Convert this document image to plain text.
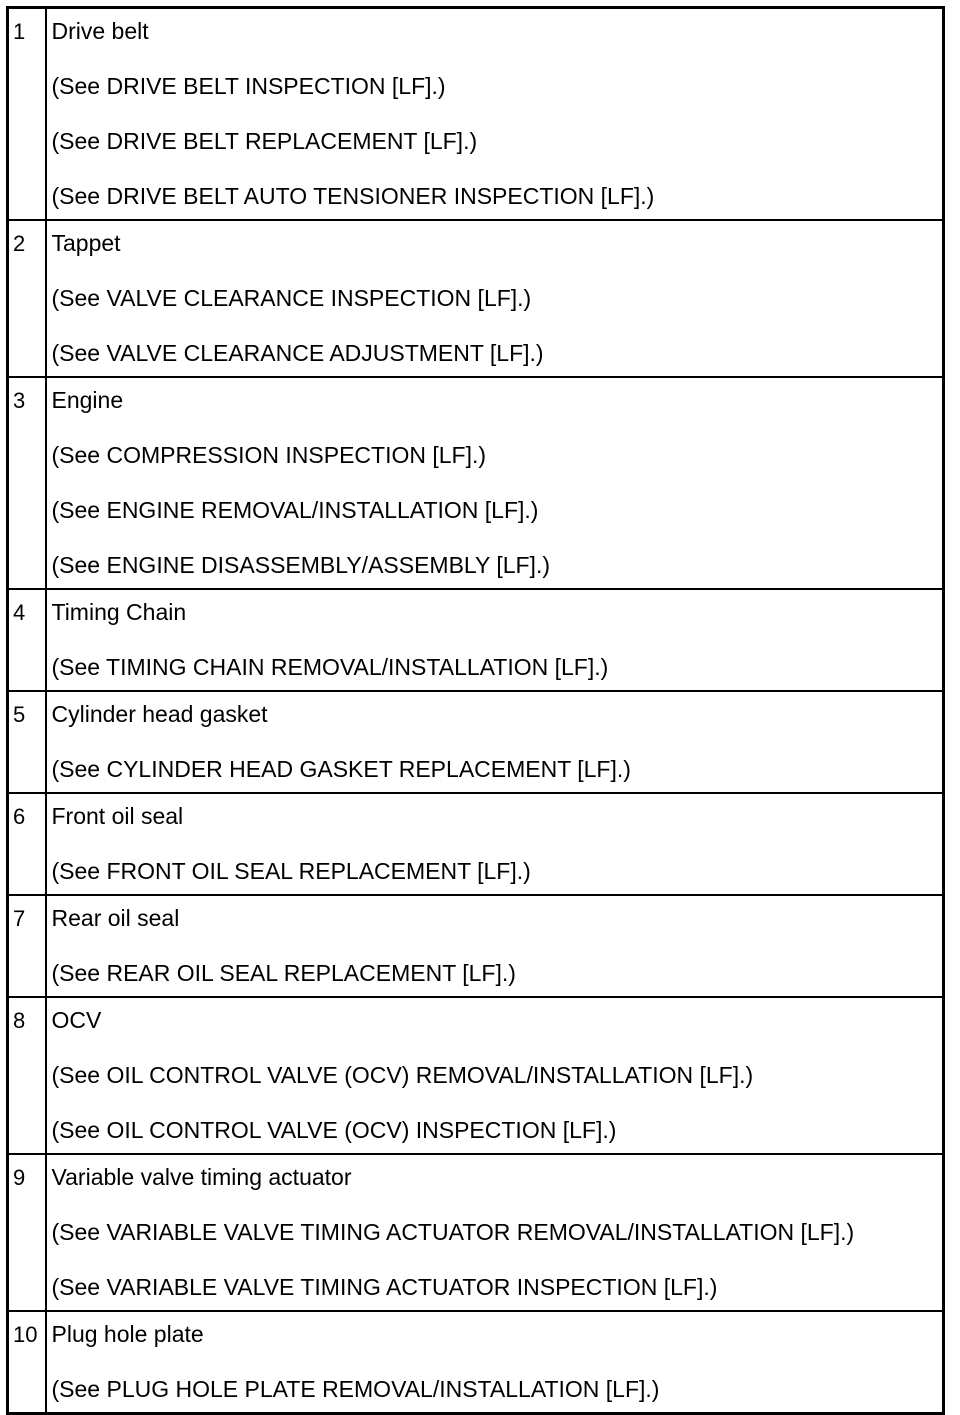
1	Drive belt
(See DRIVE BELT INSPECTION [LF].)
(See DRIVE BELT REPLACEMENT [LF].)
(See DRIVE BELT AUTO TENSIONER INSPECTION [LF].)

2	Tappet
(See VALVE CLEARANCE INSPECTION [LF].)
(See VALVE CLEARANCE ADJUSTMENT [LF].)

3	Engine
(See COMPRESSION INSPECTION [LF].)
(See ENGINE REMOVAL/INSTALLATION [LF].)
(See ENGINE DISASSEMBLY/ASSEMBLY [LF].)

4	Timing Chain
(See TIMING CHAIN REMOVAL/INSTALLATION [LF].)

5	Cylinder head gasket
(See CYLINDER HEAD GASKET REPLACEMENT [LF].)

6	Front oil seal
(See FRONT OIL SEAL REPLACEMENT [LF].)

7	Rear oil seal
(See REAR OIL SEAL REPLACEMENT [LF].)

8	OCV
(See OIL CONTROL VALVE (OCV) REMOVAL/INSTALLATION [LF].)
(See OIL CONTROL VALVE (OCV) INSPECTION [LF].)

9	Variable valve timing actuator
(See VARIABLE VALVE TIMING ACTUATOR REMOVAL/INSTALLATION [LF].)
(See VARIABLE VALVE TIMING ACTUATOR INSPECTION [LF].)

10	Plug hole plate
(See PLUG HOLE PLATE REMOVAL/INSTALLATION [LF].)
